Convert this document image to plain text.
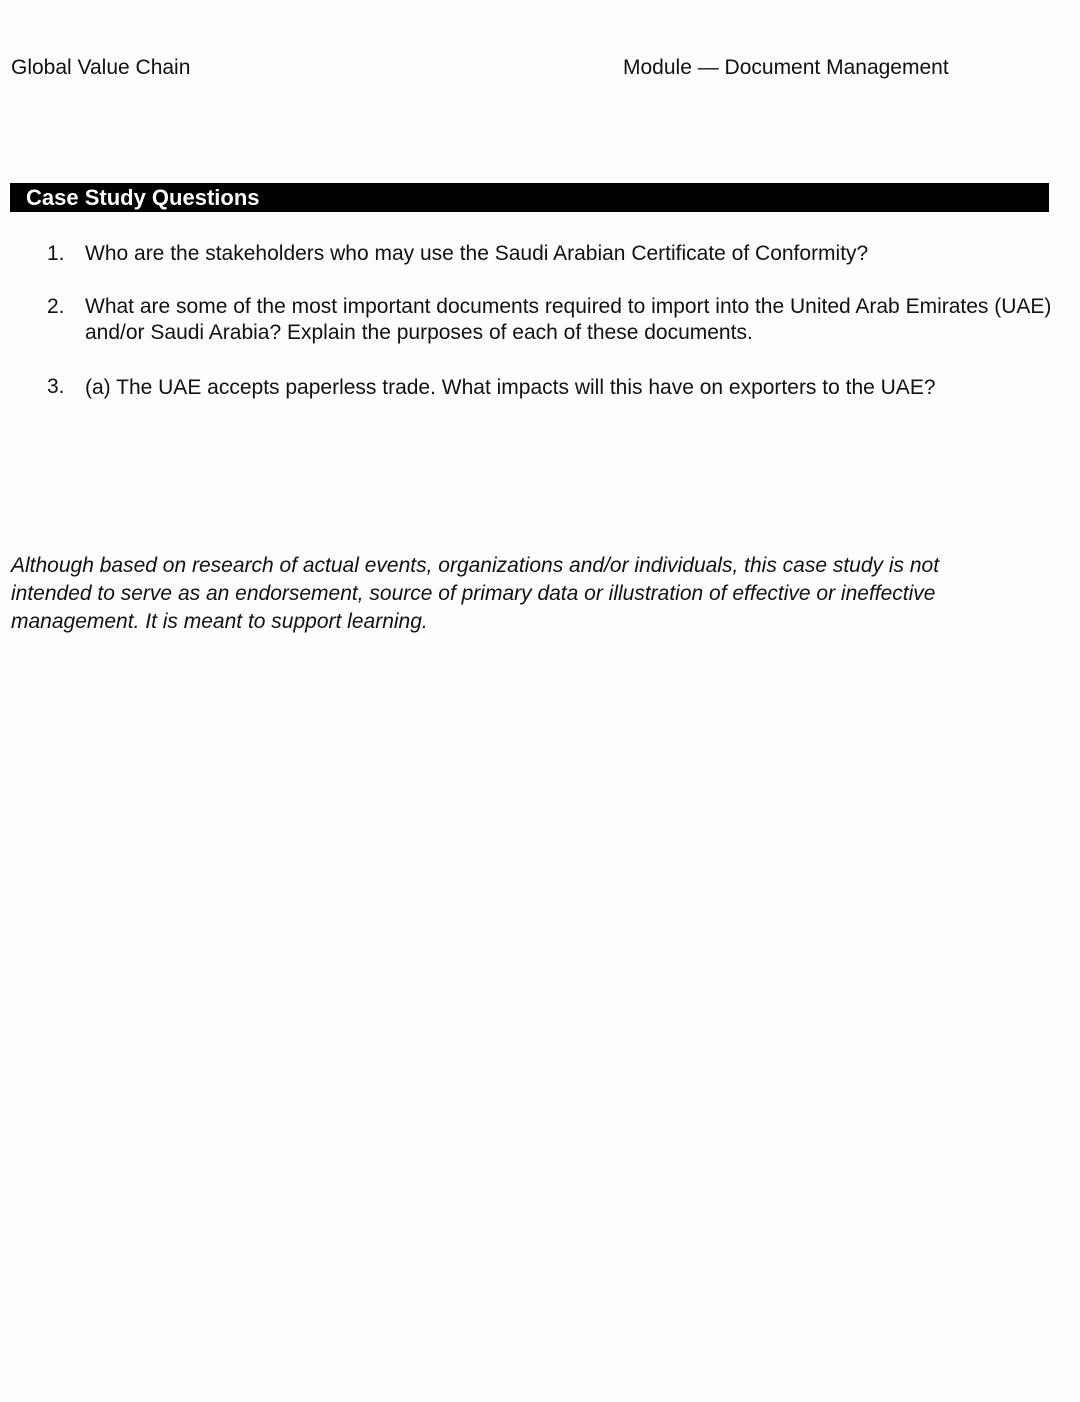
Global Value Chain	Module — Document Management
Case Study Questions
1. Who are the stakeholders who may use the Saudi Arabian Certificate of Conformity?
2. What are some of the most important documents required to import into the United Arab Emirates (UAE) and/or Saudi Arabia? Explain the purposes of each of these documents.
3. (a) The UAE accepts paperless trade. What impacts will this have on exporters to the UAE?
Although based on research of actual events, organizations and/or individuals, this case study is not intended to serve as an endorsement, source of primary data or illustration of effective or ineffective management. It is meant to support learning.
